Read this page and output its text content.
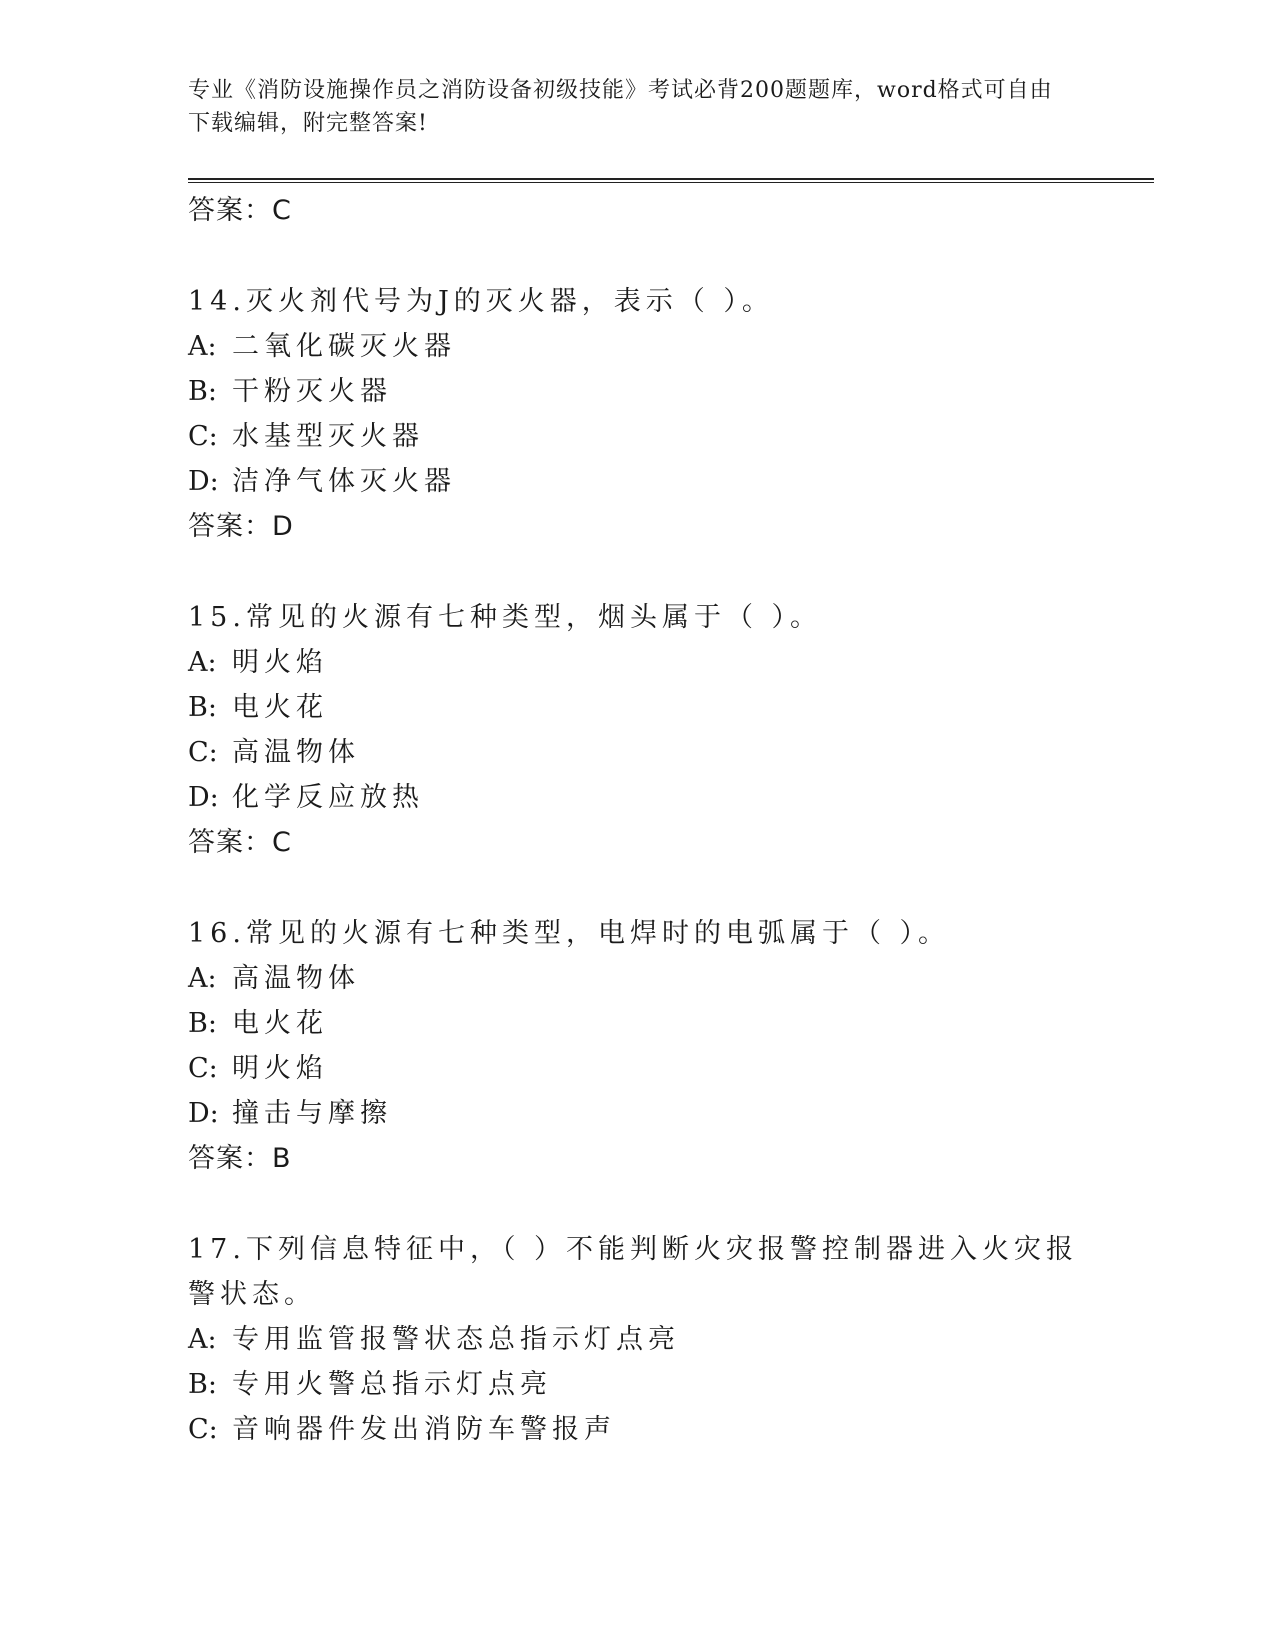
专业《消防设施操作员之消防设备初级技能》考试必背200题题库，word格式可自由下载编辑，附完整答案!
答案：C
14.灭火剂代号为J的灭火器，表示（ ）。
A: 二氧化碳灭火器
B: 干粉灭火器
C: 水基型灭火器
D: 洁净气体灭火器
答案：D
15.常见的火源有七种类型，烟头属于（ ）。
A: 明火焰
B: 电火花
C: 高温物体
D: 化学反应放热
答案：C
16.常见的火源有七种类型，电焊时的电弧属于（ ）。
A: 高温物体
B: 电火花
C: 明火焰
D: 撞击与摩擦
答案：B
17.下列信息特征中，（ ）不能判断火灾报警控制器进入火灾报警状态。
A: 专用监管报警状态总指示灯点亮
B: 专用火警总指示灯点亮
C: 音响器件发出消防车警报声
